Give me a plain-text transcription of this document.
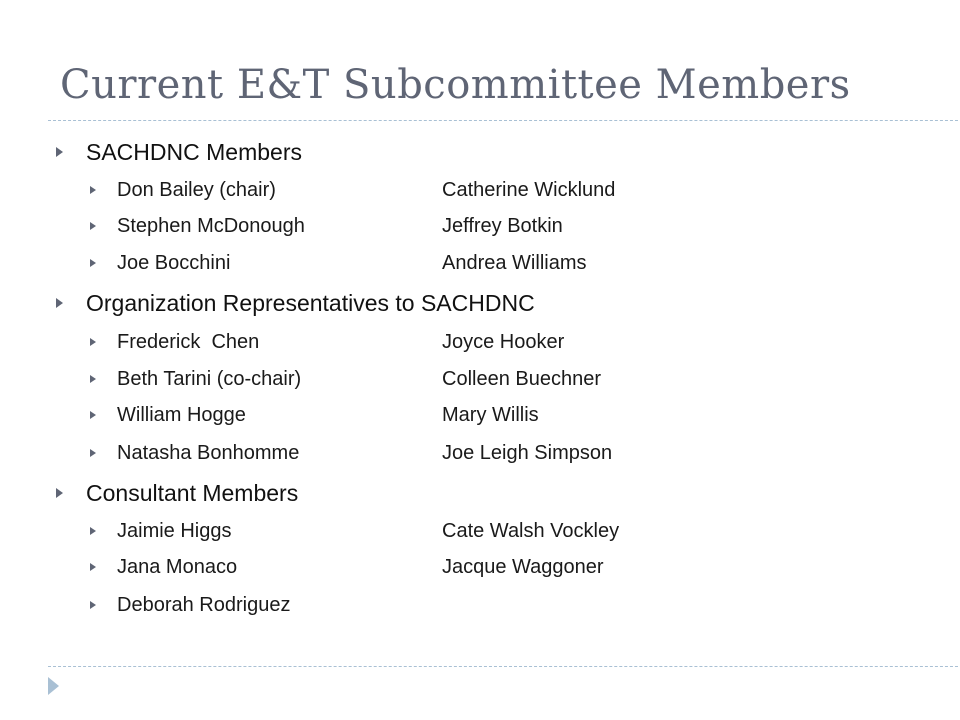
Current E&T Subcommittee Members
SACHDNC Members
Don Bailey (chair)	Catherine Wicklund
Stephen McDonough	Jeffrey Botkin
Joe Bocchini	Andrea Williams
Organization Representatives to SACHDNC
Frederick  Chen	Joyce Hooker
Beth Tarini (co-chair)	Colleen Buechner
William Hogge	Mary Willis
Natasha Bonhomme	Joe Leigh Simpson
Consultant Members
Jaimie Higgs	Cate Walsh Vockley
Jana Monaco	Jacque Waggoner
Deborah Rodriguez
